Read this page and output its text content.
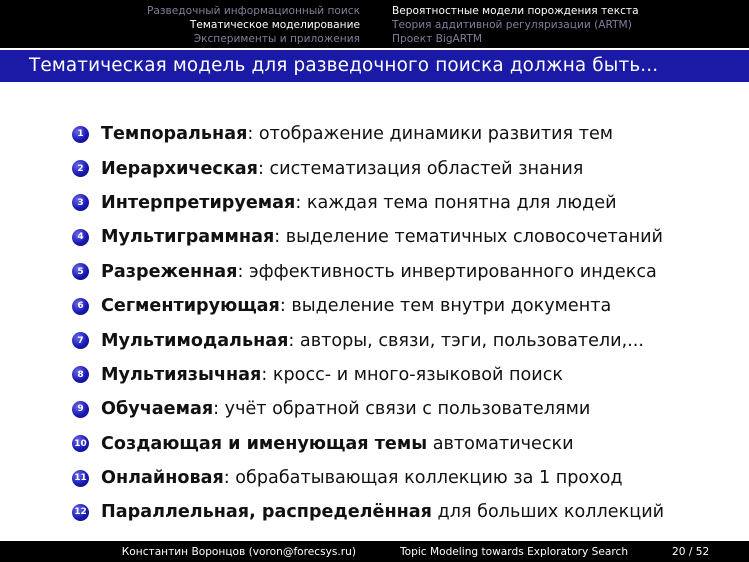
Разведочный информационный поиск
Тематическое моделирование
Эксперименты и приложения
Вероятностные модели порождения текста
Теория аддитивной регуляризации (ARTM)
Проект BigARTM
Тематическая модель для разведочного поиска должна быть...
1 Темпоральная: отображение динамики развития тем
2 Иерархическая: систематизация областей знания
3 Интерпретируемая: каждая тема понятна для людей
4 Мультиграммная: выделение тематичных словосочетаний
5 Разреженная: эффективность инвертированного индекса
6 Сегментирующая: выделение тем внутри документа
7 Мультимодальная: авторы, связи, тэги, пользователи,...
8 Мультиязычная: кросс- и много-языковой поиск
9 Обучаемая: учёт обратной связи с пользователями
10 Создающая и именующая темы автоматически
11 Онлайновая: обрабатывающая коллекцию за 1 проход
12 Параллельная, распределённая для больших коллекций
Константин Воронцов (voron@forecsys.ru)	Topic Modeling towards Exploratory Search	20 / 52
